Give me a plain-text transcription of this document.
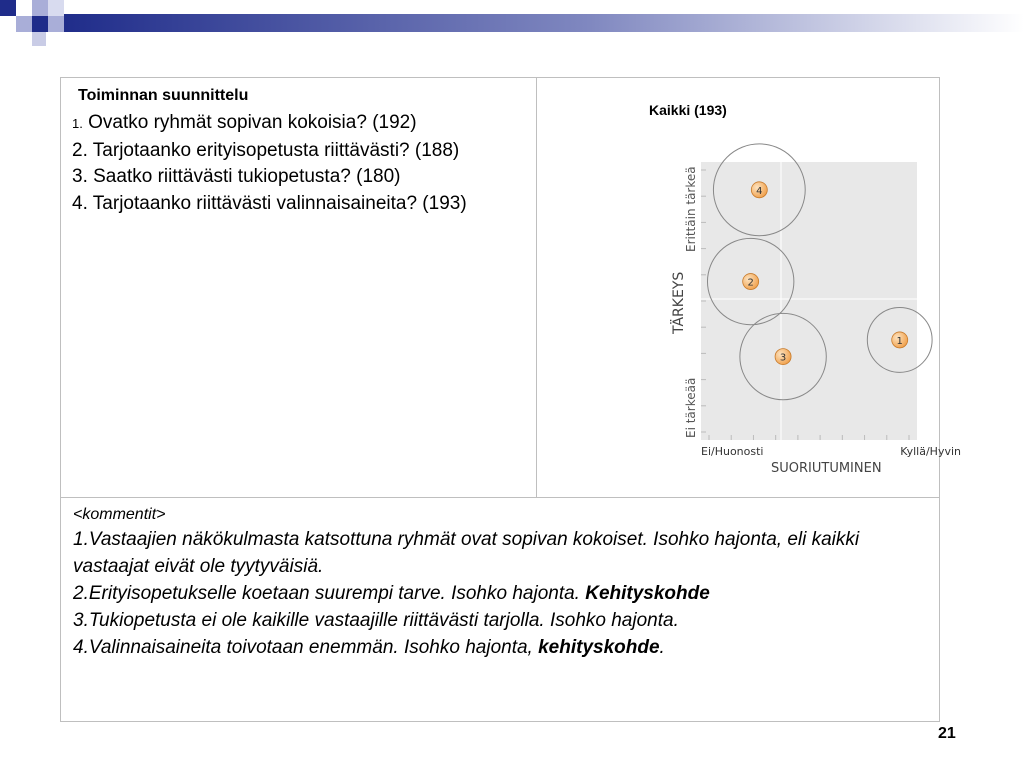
Toiminnan suunnittelu
1. Ovatko ryhmät sopivan kokoisia? (192)
2. Tarjotaanko erityisopetusta riittävästi? (188)
3. Saatko riittävästi tukiopetusta? (180)
4. Tarjotaanko riittävästi valinnaisaineita? (193)
Kaikki (193)
1
2
3
4
Erittäin tärkeä
Ei tärkeää
TÄRKEYS
Ei/Huonosti	Kyllä/Hyvin
SUORIUTUMINEN
<kommentit>
1.Vastaajien näkökulmasta katsottuna ryhmät ovat sopivan kokoiset. Isohko hajonta, eli kaikki vastaajat eivät ole tyytyväisiä.
2.Erityisopetukselle koetaan suurempi tarve. Isohko hajonta. Kehityskohde
3.Tukiopetusta ei ole kaikille vastaajille riittävästi tarjolla. Isohko hajonta.
4.Valinnaisaineita toivotaan enemmän. Isohko hajonta, kehityskohde.
21
